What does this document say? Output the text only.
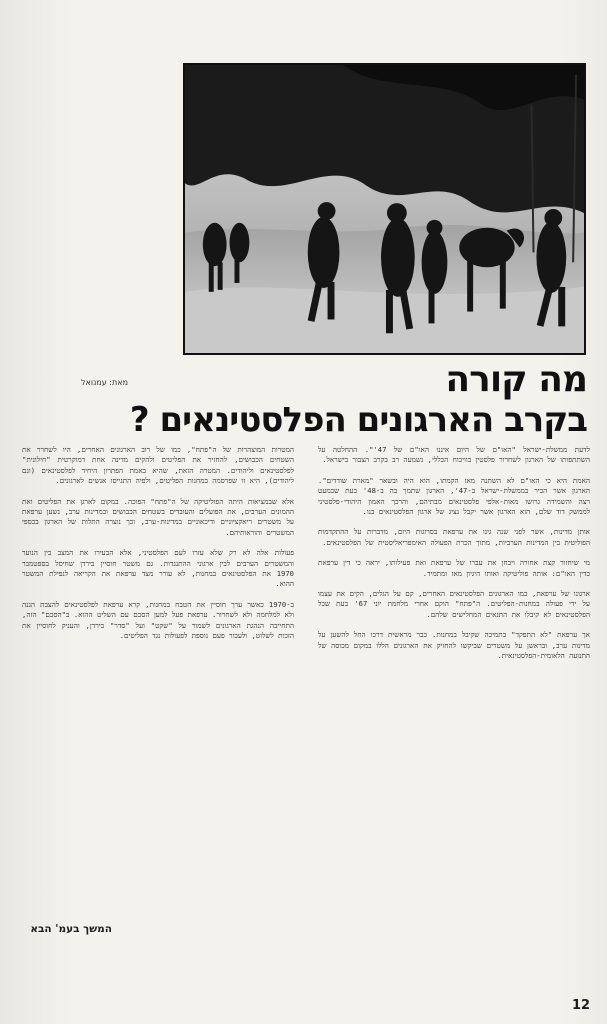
מאת: עמנואל	מה קורה
בקרב הארגונים הפלסטינאים ?

לדעת ממשלת-ישראל "האו"ם של היום איננו האו"ם של 47'". ההחלטה על השתתפותו של הארגון לשחרור פלסטין בוויכוח הכללי, נשמעה רב בקרב הצבור בישראל.

האמת היא כי האו"ם לא השתנה מאז הקמתו, הוא היה ובשאר "מארת שודדים". הארגון אשר הכיר בממשלת-ישראל ב-47', הארגון שתמך בה ב-48' בעת שכמעט רצה והשמידה גרושו מאות-אלפי פלסטינאים מבתיהם, והרכך האמון היהודי-פלסטיני לממשק דוד שלם, הוא הארגון אשר יקבל נציג של ארגון הפלסטינאים בנו.

אותן מדינות, אשר לפני שנה גינו את ערפאת בסרוגות היום, מדברות על ההתקדמות הפוליטית בין המדינות הערביות, מתוך הכרת הפעולה האימפריאליסטית של הפלסטינאים.

מי שיחזור קצת אחורה ויבחן את עברו של ערפאת ואת פעילותו, יראה כי דין ערפאת כדין האו"ם: אותה פוליטיקה ואותו היגיון מאז ומתמיד.

ארגונו של ערפאת, כמו הארגונים הפלסטינאים האחרים, קם על הגלים, הקים את עצמו על ידי פעולה במחנות-הפליטים. ה"פתח" הוקם אחרי מלחמת יוני 67' בעת שכל הפלסטינאים לא קיבלו את התנאים המחלישים שלהם.

אך ערפאת "לא התפקד" בתמיכה שקיבל במחנות. כבר מראשית דרכו החל להשען על מדינות ערב, ובראשן על משטרים שביקשו להחזיק את הארגונים הללו במקום מכוסה של התנועה הלאומית-הפלסטינאית.

המטרות המוצהרות של ה"פתח", כמו של רוב הארגונים האחרים, היו לשחרר את השטחים הכבושים, להחזיר את הפליטים ולהקים מדינה אחת דמוקרטית "חילונית" לפלסטינאים וליהודים. המטרה הזאת, שהיא באמת הפתרון היחיד לפלסטינאים (וגם ליהודים), היא זו שפרסמה במחנות הפליטים, ולפיה התגייסו אנשים לארגונים.

אלא שבמציאות היתה הפוליטיקה של ה"פתח" הפוכה. במקום לארגן את הפליטים ואת ההמונים הערבים, את הפועלים והעובדים בשטחים הכבושים ובמדינות ערב, נשען ערפאת על משטרים ריאקציוניים ודיכאוניים במדינות-ערב, וכך נוצרה התלות של הארגון בכספי המשטרים והוראותיהם.

פעולות אלה לא רק שלא עזרו לעם הפלסטיני, אלא הבעירו את המצב בין הנוער והמשטרים הערבים לבין ארגוני ההתנגדות. גם משטר חוסיין בירדן שחיסל בספטמבר 1970 את הפלסטינאים במחנות, לא עורר מצד ערפאת את הקריאה לנפילת המשטר ההוא.

ב-1970 כאשר ערך חוסיין את הטבח במחנות, קרא ערפאת לפלסטינאים להצבת הגנה ולא למלחמה ולא לשחרור. ערפאת פעל למען הסכם עם השליט ההוא. ב"הסכם" הזה, התחייבה הנהגת הארגונים לשמור על "שקט" ועל "סדר" בירדן, והעניק לחוסיין את הזכות לשלוט, ולעבור פעם נוספת לפעולות נגד הפליטים.

המשך בעמ' הבא
12
